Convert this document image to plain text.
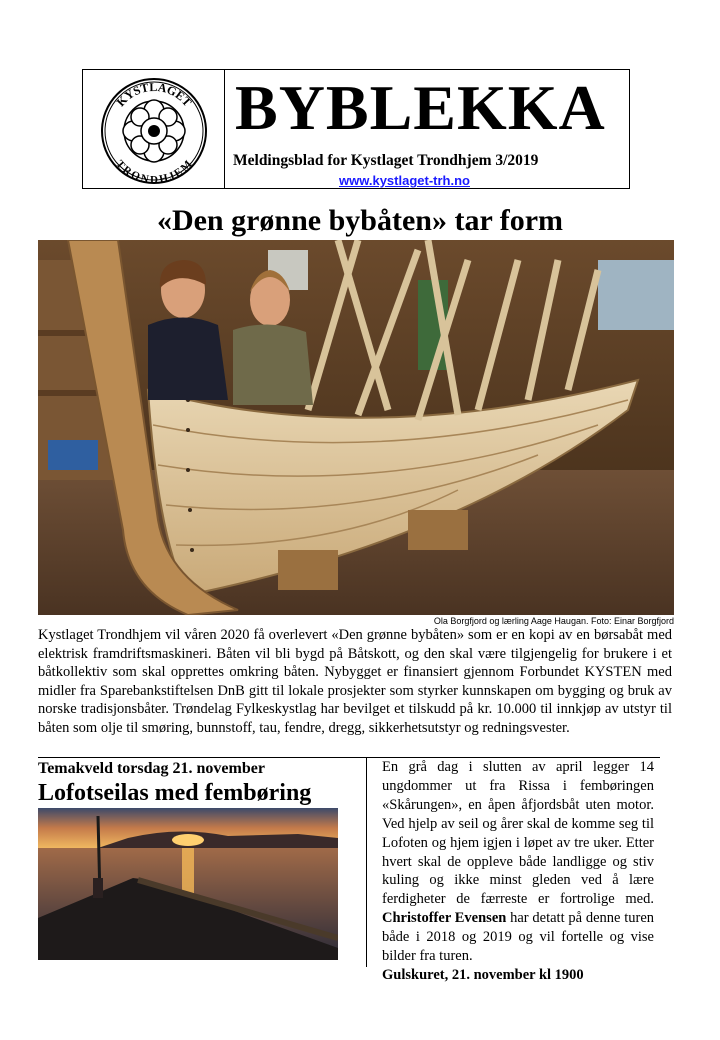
KYSTLAGET
TRONDHJEM
BYBLEKKA
Meldingsblad for Kystlaget Trondhjem 3/2019
www.kystlaget-trh.no
«Den grønne bybåten» tar form
Ola Borgfjord og lærling Aage Haugan. Foto: Einar Borgfjord
Kystlaget Trondhjem vil våren 2020 få overlevert «Den grønne bybåten» som er en kopi av en børsabåt med elektrisk framdriftsmaskineri. Båten vil bli bygd på Båtskott, og den skal være tilgjengelig for brukere i et båtkollektiv som skal opprettes omkring båten. Nybygget er finansiert gjennom Forbundet KYSTEN med midler fra Sparebankstiftelsen DnB gitt til lokale prosjekter som styrker kunnskapen om bygging og bruk av norske tradisjonsbåter. Trøndelag Fylkeskystlag har bevilget et tilskudd på kr. 10.000 til innkjøp av utstyr til båten som olje til smøring, bunnstoff, tau, fendre, dregg, sikkerhetsutstyr og redningsvester.
Temakveld torsdag 21. november
Lofotseilas med fembøring
En grå dag i slutten av april legger 14 ungdommer ut fra Rissa i fembøringen «Skårungen», en åpen åfjordsbåt uten motor. Ved hjelp av seil og årer skal de komme seg til Lofoten og hjem igjen i løpet av tre uker. Etter hvert skal de oppleve både landligge og stiv kuling og ikke minst gleden ved å lære ferdigheter de færreste er fortrolige med. Christoffer Evensen har detatt på denne turen både i 2018 og 2019 og vil fortelle og vise bilder fra turen.
Gulskuret, 21. november kl 1900
